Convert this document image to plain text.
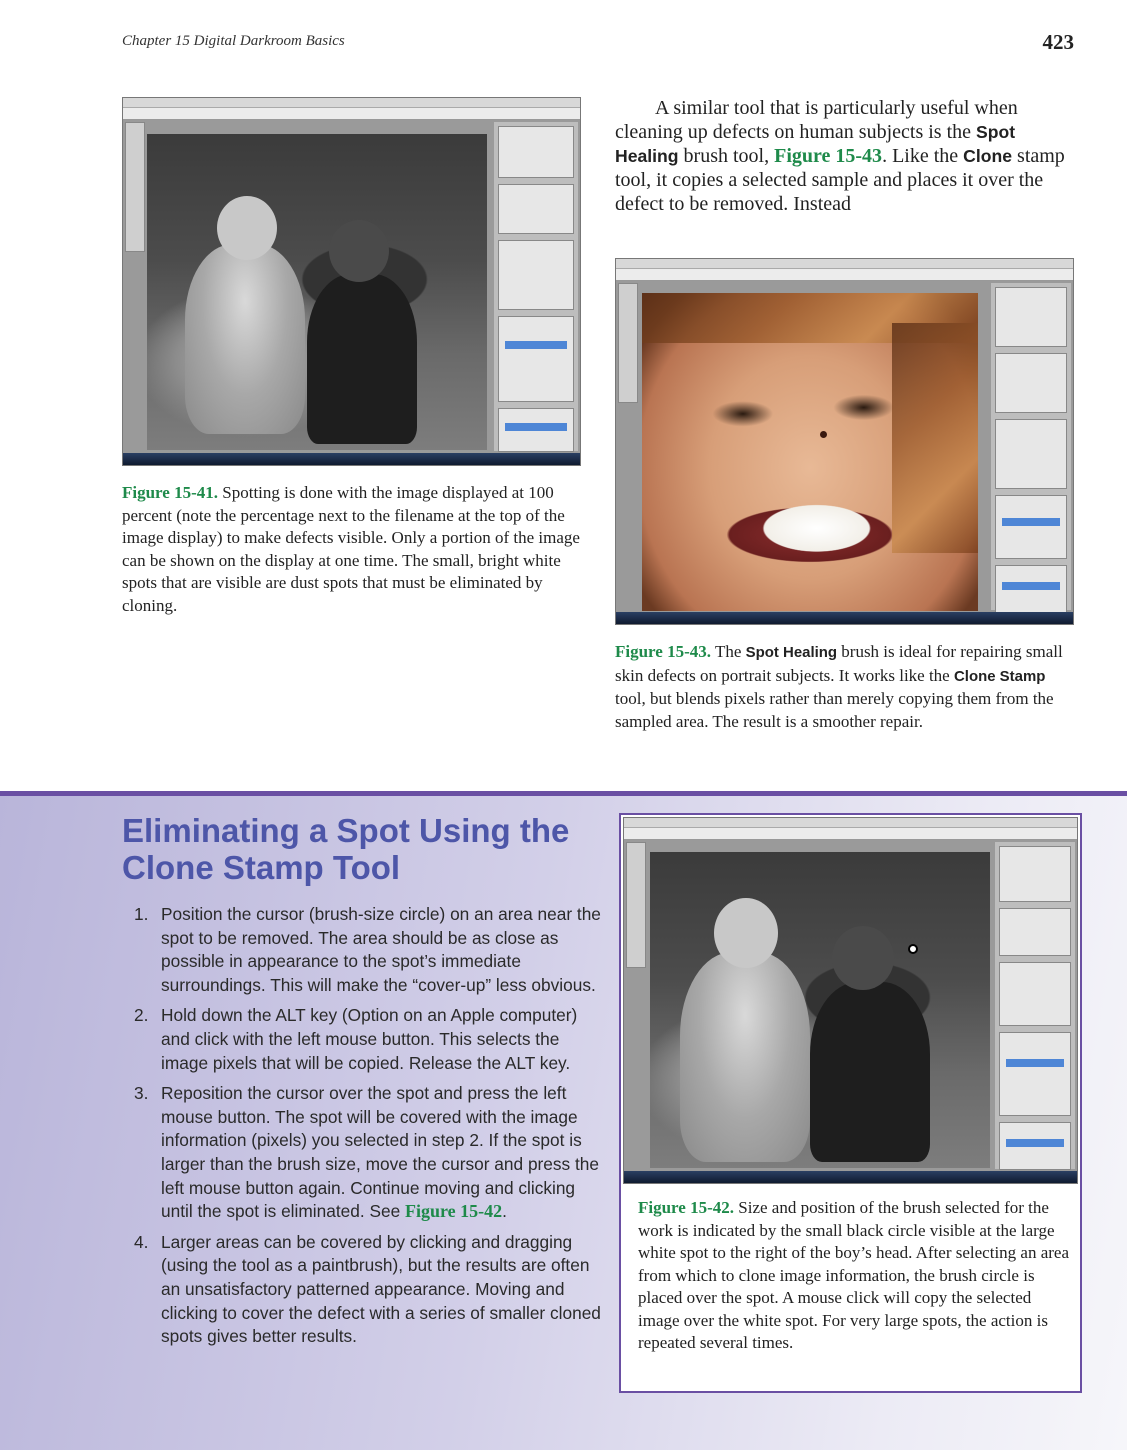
Chapter 15 Digital Darkroom Basics	423
Figure 15-41. Spotting is done with the image displayed at 100 percent (note the percentage next to the filename at the top of the image display) to make defects visible. Only a portion of the image can be shown on the display at one time. The small, bright white spots that are visible are dust spots that must be eliminated by cloning.
A similar tool that is particularly useful when cleaning up defects on human subjects is the Spot Healing brush tool, Figure 15-43. Like the Clone stamp tool, it copies a selected sample and places it over the defect to be removed. Instead
Figure 15-43. The Spot Healing brush is ideal for repairing small skin defects on portrait subjects. It works like the Clone Stamp tool, but blends pixels rather than merely copying them from the sampled area. The result is a smoother repair.
Eliminating a Spot Using the Clone Stamp Tool
1. Position the cursor (brush-size circle) on an area near the spot to be removed. The area should be as close as possible in appearance to the spot’s immediate surroundings. This will make the “cover-up” less obvious.
2. Hold down the ALT key (Option on an Apple computer) and click with the left mouse button. This selects the image pixels that will be copied. Release the ALT key.
3. Reposition the cursor over the spot and press the left mouse button. The spot will be covered with the image information (pixels) you selected in step 2. If the spot is larger than the brush size, move the cursor and press the left mouse button again. Continue moving and clicking until the spot is eliminated. See Figure 15-42.
4. Larger areas can be covered by clicking and dragging (using the tool as a paintbrush), but the results are often an unsatisfactory patterned appearance. Moving and clicking to cover the defect with a series of smaller cloned spots gives better results.
Figure 15-42. Size and position of the brush selected for the work is indicated by the small black circle visible at the large white spot to the right of the boy’s head. After selecting an area from which to clone image information, the brush circle is placed over the spot. A mouse click will copy the selected image over the white spot. For very large spots, the action is repeated several times.
